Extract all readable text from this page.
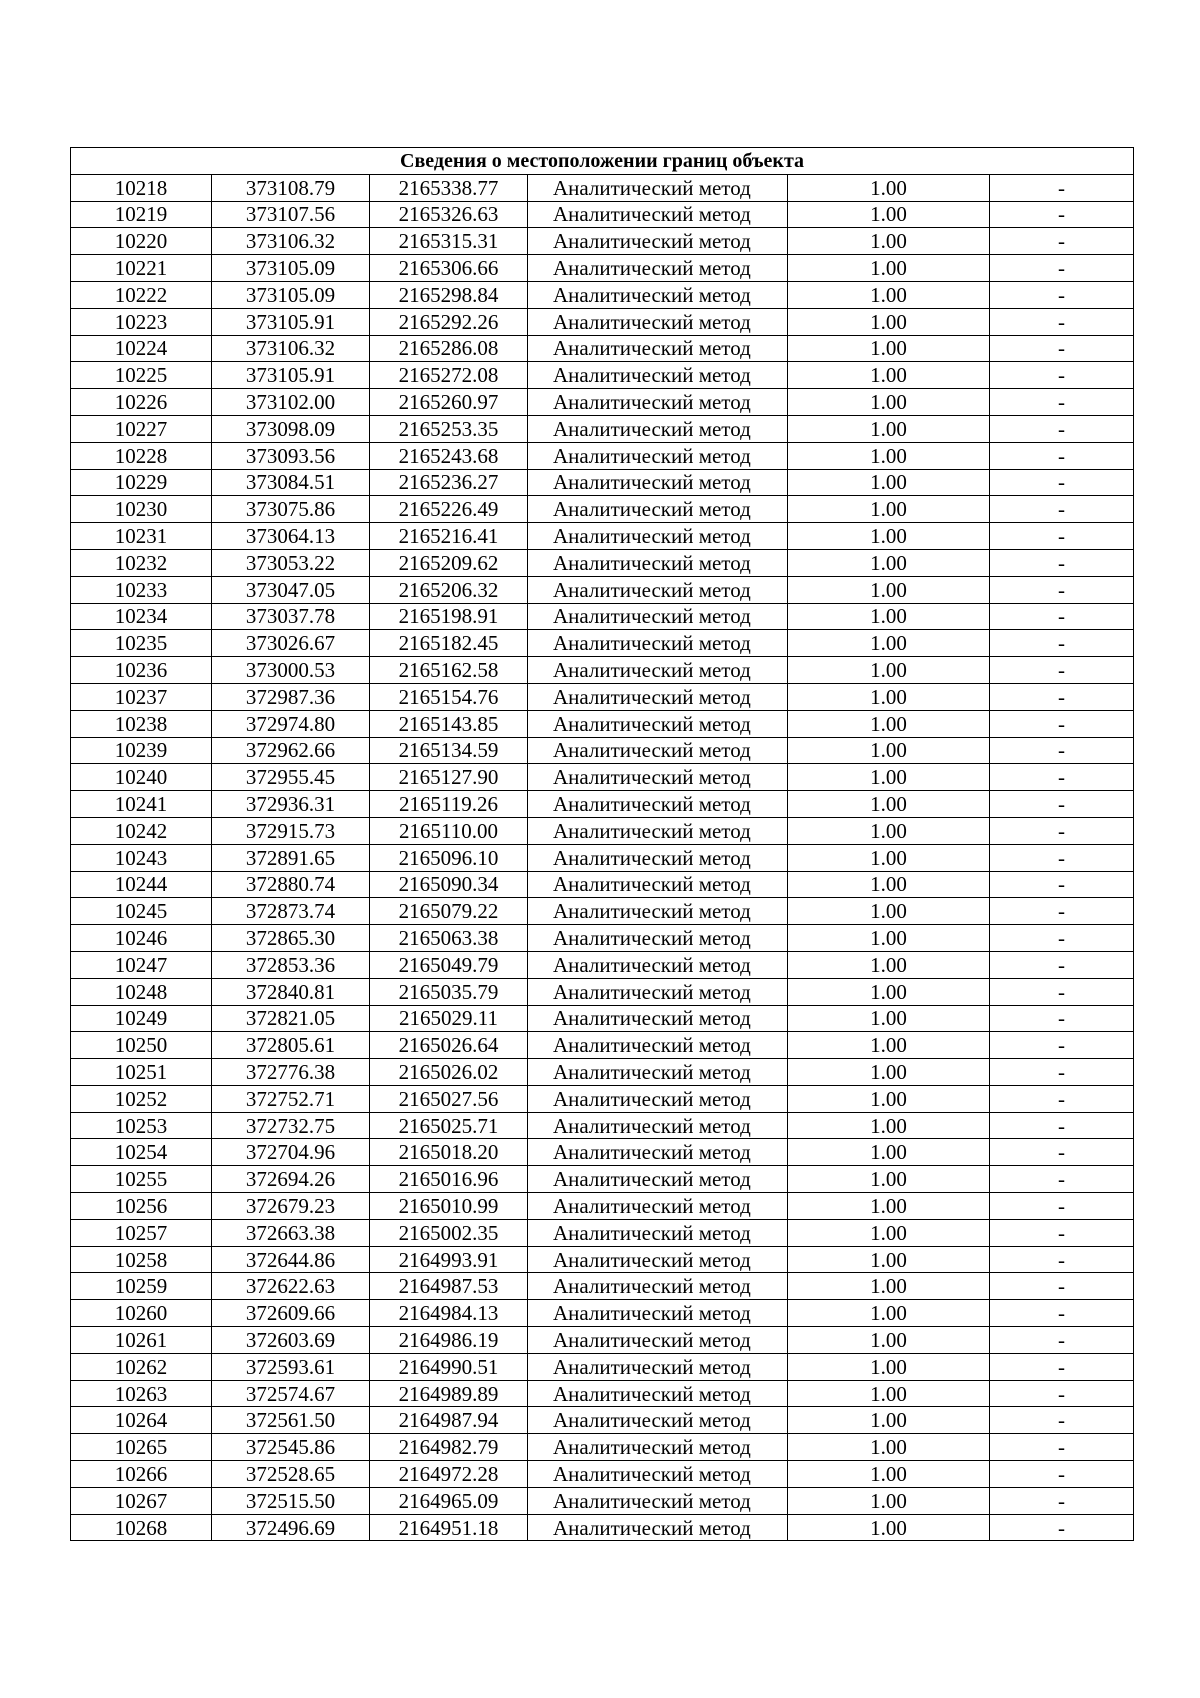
Сведения о местоположении границ объекта					
10218	373108.79	2165338.77	Аналитический метод	1.00	-
10219	373107.56	2165326.63	Аналитический метод	1.00	-
10220	373106.32	2165315.31	Аналитический метод	1.00	-
10221	373105.09	2165306.66	Аналитический метод	1.00	-
10222	373105.09	2165298.84	Аналитический метод	1.00	-
10223	373105.91	2165292.26	Аналитический метод	1.00	-
10224	373106.32	2165286.08	Аналитический метод	1.00	-
10225	373105.91	2165272.08	Аналитический метод	1.00	-
10226	373102.00	2165260.97	Аналитический метод	1.00	-
10227	373098.09	2165253.35	Аналитический метод	1.00	-
10228	373093.56	2165243.68	Аналитический метод	1.00	-
10229	373084.51	2165236.27	Аналитический метод	1.00	-
10230	373075.86	2165226.49	Аналитический метод	1.00	-
10231	373064.13	2165216.41	Аналитический метод	1.00	-
10232	373053.22	2165209.62	Аналитический метод	1.00	-
10233	373047.05	2165206.32	Аналитический метод	1.00	-
10234	373037.78	2165198.91	Аналитический метод	1.00	-
10235	373026.67	2165182.45	Аналитический метод	1.00	-
10236	373000.53	2165162.58	Аналитический метод	1.00	-
10237	372987.36	2165154.76	Аналитический метод	1.00	-
10238	372974.80	2165143.85	Аналитический метод	1.00	-
10239	372962.66	2165134.59	Аналитический метод	1.00	-
10240	372955.45	2165127.90	Аналитический метод	1.00	-
10241	372936.31	2165119.26	Аналитический метод	1.00	-
10242	372915.73	2165110.00	Аналитический метод	1.00	-
10243	372891.65	2165096.10	Аналитический метод	1.00	-
10244	372880.74	2165090.34	Аналитический метод	1.00	-
10245	372873.74	2165079.22	Аналитический метод	1.00	-
10246	372865.30	2165063.38	Аналитический метод	1.00	-
10247	372853.36	2165049.79	Аналитический метод	1.00	-
10248	372840.81	2165035.79	Аналитический метод	1.00	-
10249	372821.05	2165029.11	Аналитический метод	1.00	-
10250	372805.61	2165026.64	Аналитический метод	1.00	-
10251	372776.38	2165026.02	Аналитический метод	1.00	-
10252	372752.71	2165027.56	Аналитический метод	1.00	-
10253	372732.75	2165025.71	Аналитический метод	1.00	-
10254	372704.96	2165018.20	Аналитический метод	1.00	-
10255	372694.26	2165016.96	Аналитический метод	1.00	-
10256	372679.23	2165010.99	Аналитический метод	1.00	-
10257	372663.38	2165002.35	Аналитический метод	1.00	-
10258	372644.86	2164993.91	Аналитический метод	1.00	-
10259	372622.63	2164987.53	Аналитический метод	1.00	-
10260	372609.66	2164984.13	Аналитический метод	1.00	-
10261	372603.69	2164986.19	Аналитический метод	1.00	-
10262	372593.61	2164990.51	Аналитический метод	1.00	-
10263	372574.67	2164989.89	Аналитический метод	1.00	-
10264	372561.50	2164987.94	Аналитический метод	1.00	-
10265	372545.86	2164982.79	Аналитический метод	1.00	-
10266	372528.65	2164972.28	Аналитический метод	1.00	-
10267	372515.50	2164965.09	Аналитический метод	1.00	-
10268	372496.69	2164951.18	Аналитический метод	1.00	-
